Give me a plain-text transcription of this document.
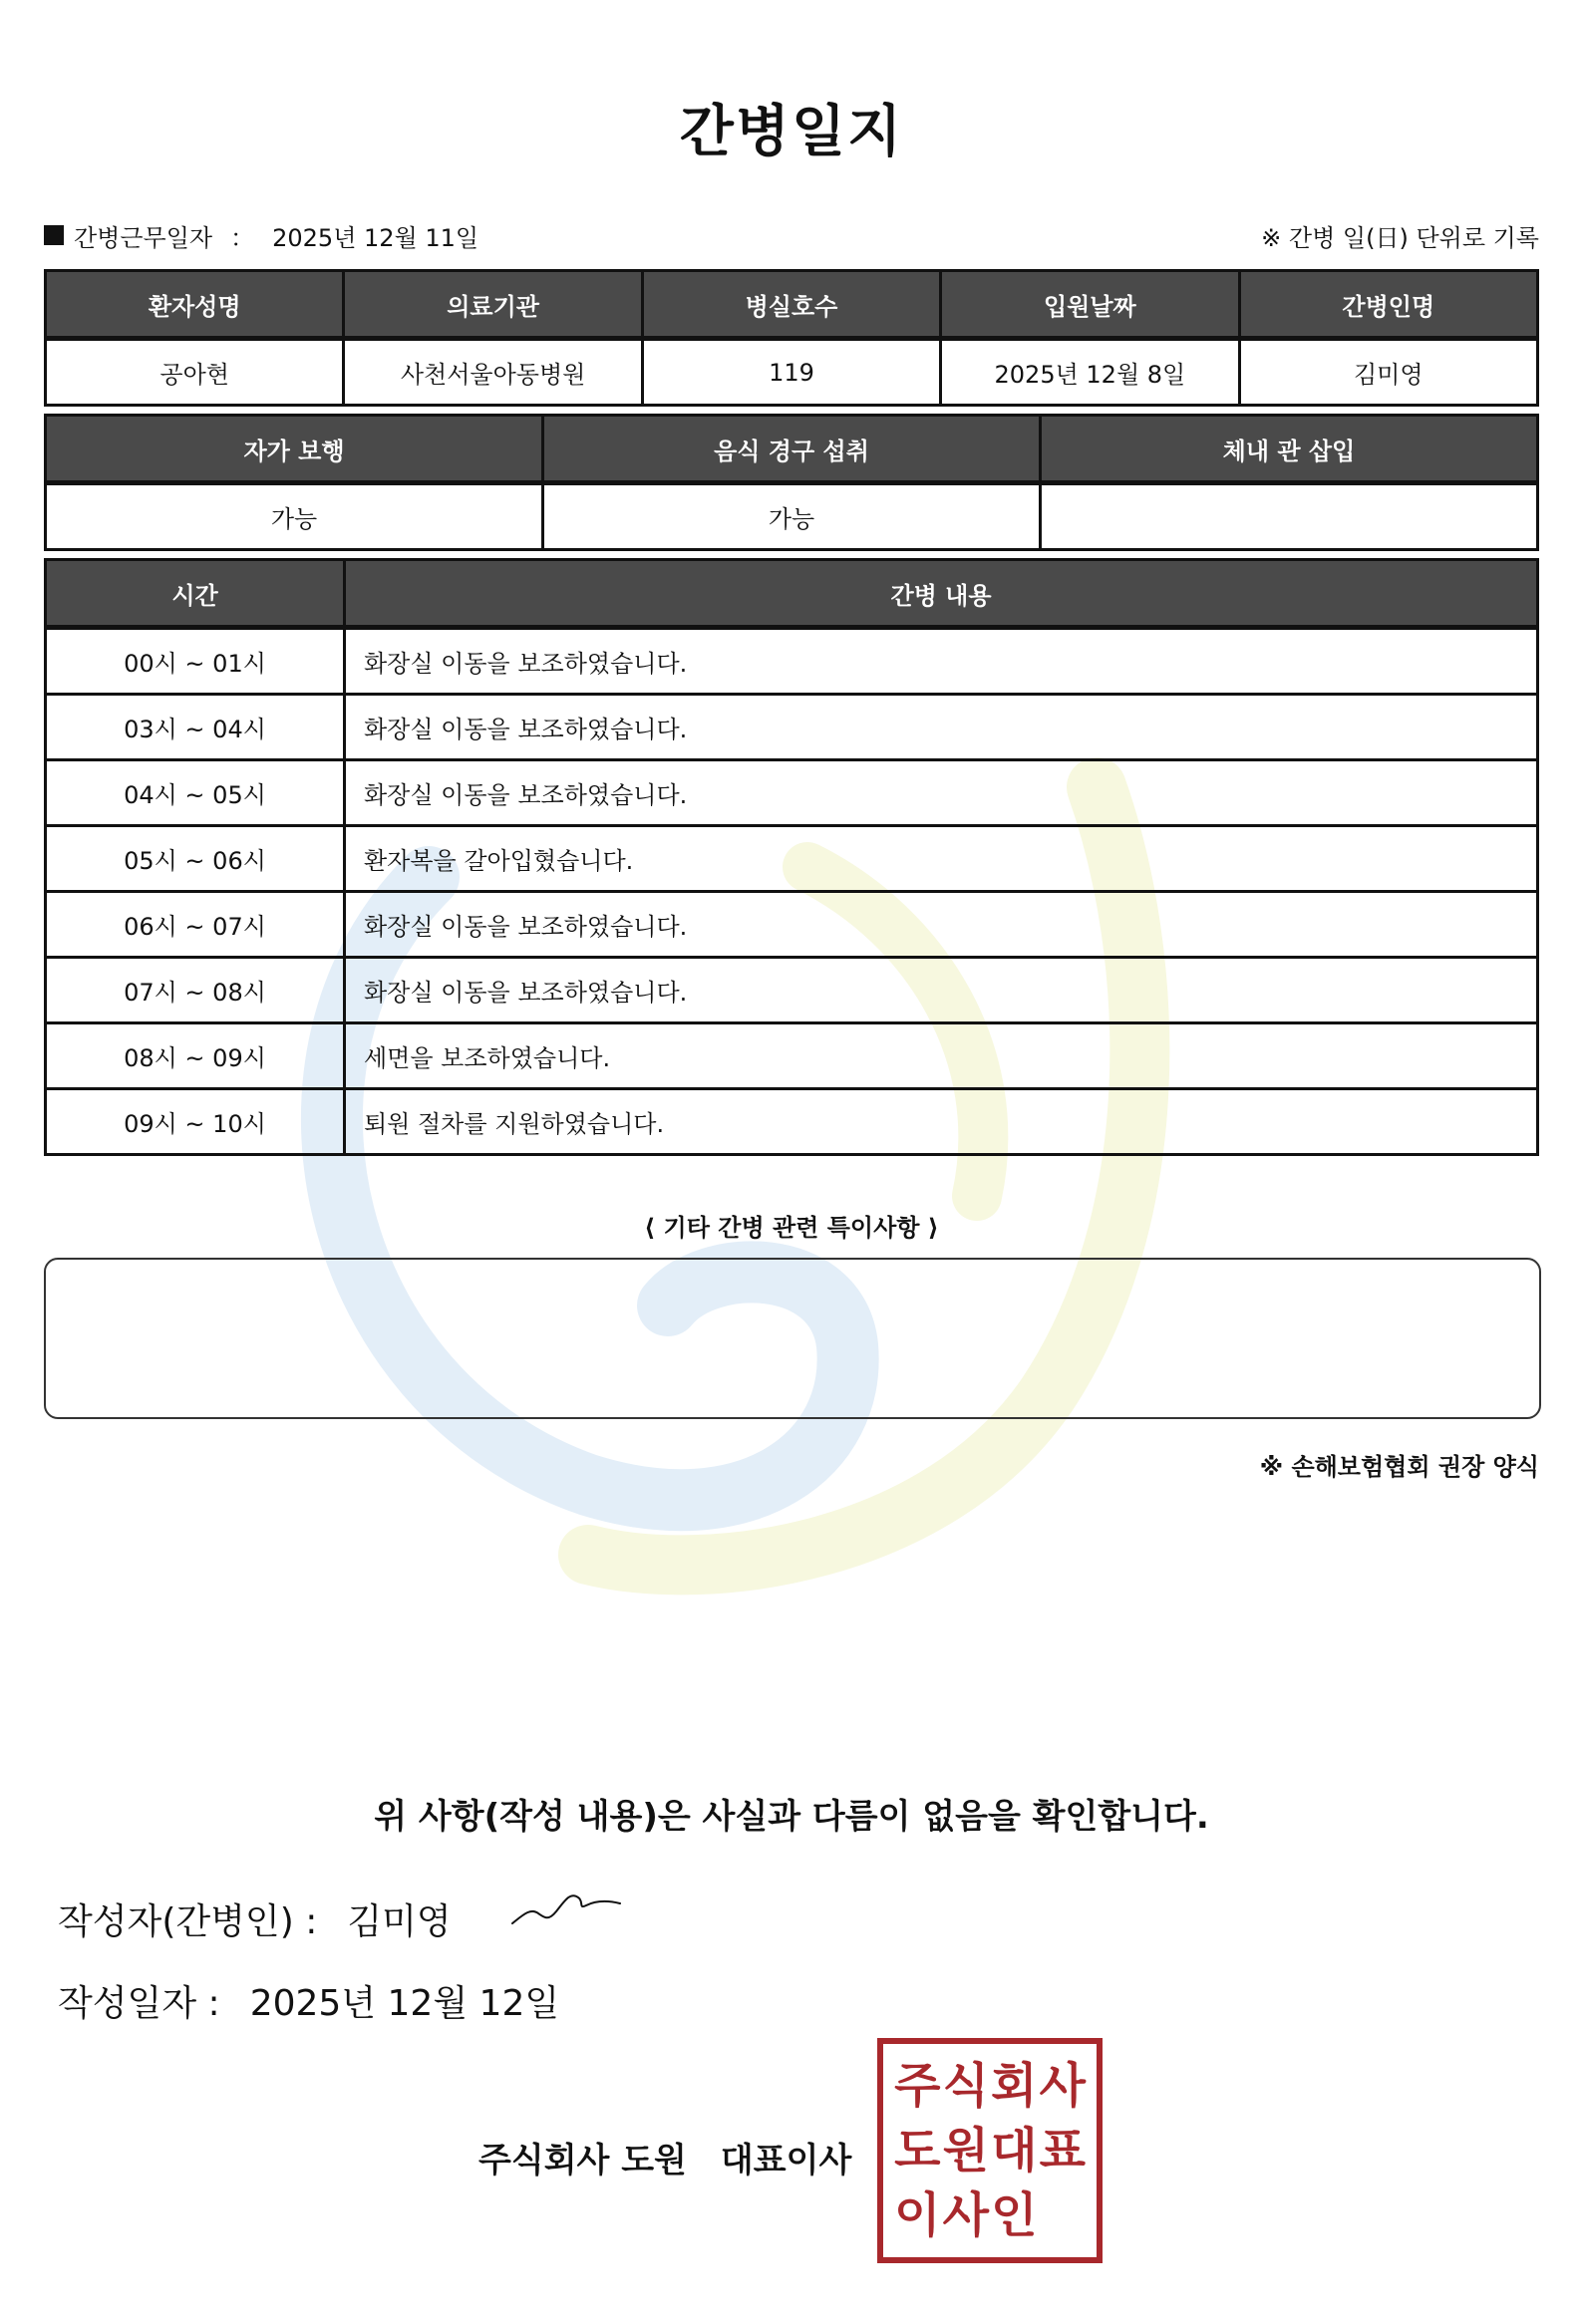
간병일지
간병근무일자 ： 2025년 12월 11일	※ 간병 일(日) 단위로 기록
환자성명	의료기관	병실호수	입원날짜	간병인명
공아현	사천서울아동병원	119	2025년 12월 8일	김미영
자가 보행	음식 경구 섭취	체내 관 삽입
가능	가능	
시간	간병 내용
00시 ~ 01시	화장실 이동을 보조하였습니다.
03시 ~ 04시	화장실 이동을 보조하였습니다.
04시 ~ 05시	화장실 이동을 보조하였습니다.
05시 ~ 06시	환자복을 갈아입혔습니다.
06시 ~ 07시	화장실 이동을 보조하였습니다.
07시 ~ 08시	화장실 이동을 보조하였습니다.
08시 ~ 09시	세면을 보조하였습니다.
09시 ~ 10시	퇴원 절차를 지원하였습니다.
⟨ 기타 간병 관련 특이사항 ⟩
※ 손해보험협회 권장 양식
위 사항(작성 내용)은 사실과 다름이 없음을 확인합니다.
작성자(간병인) : 김미영
작성일자 : 2025년 12월 12일
주식회사 도원 대표이사
주 식 회 사
도 원 대 표
이 사 인
